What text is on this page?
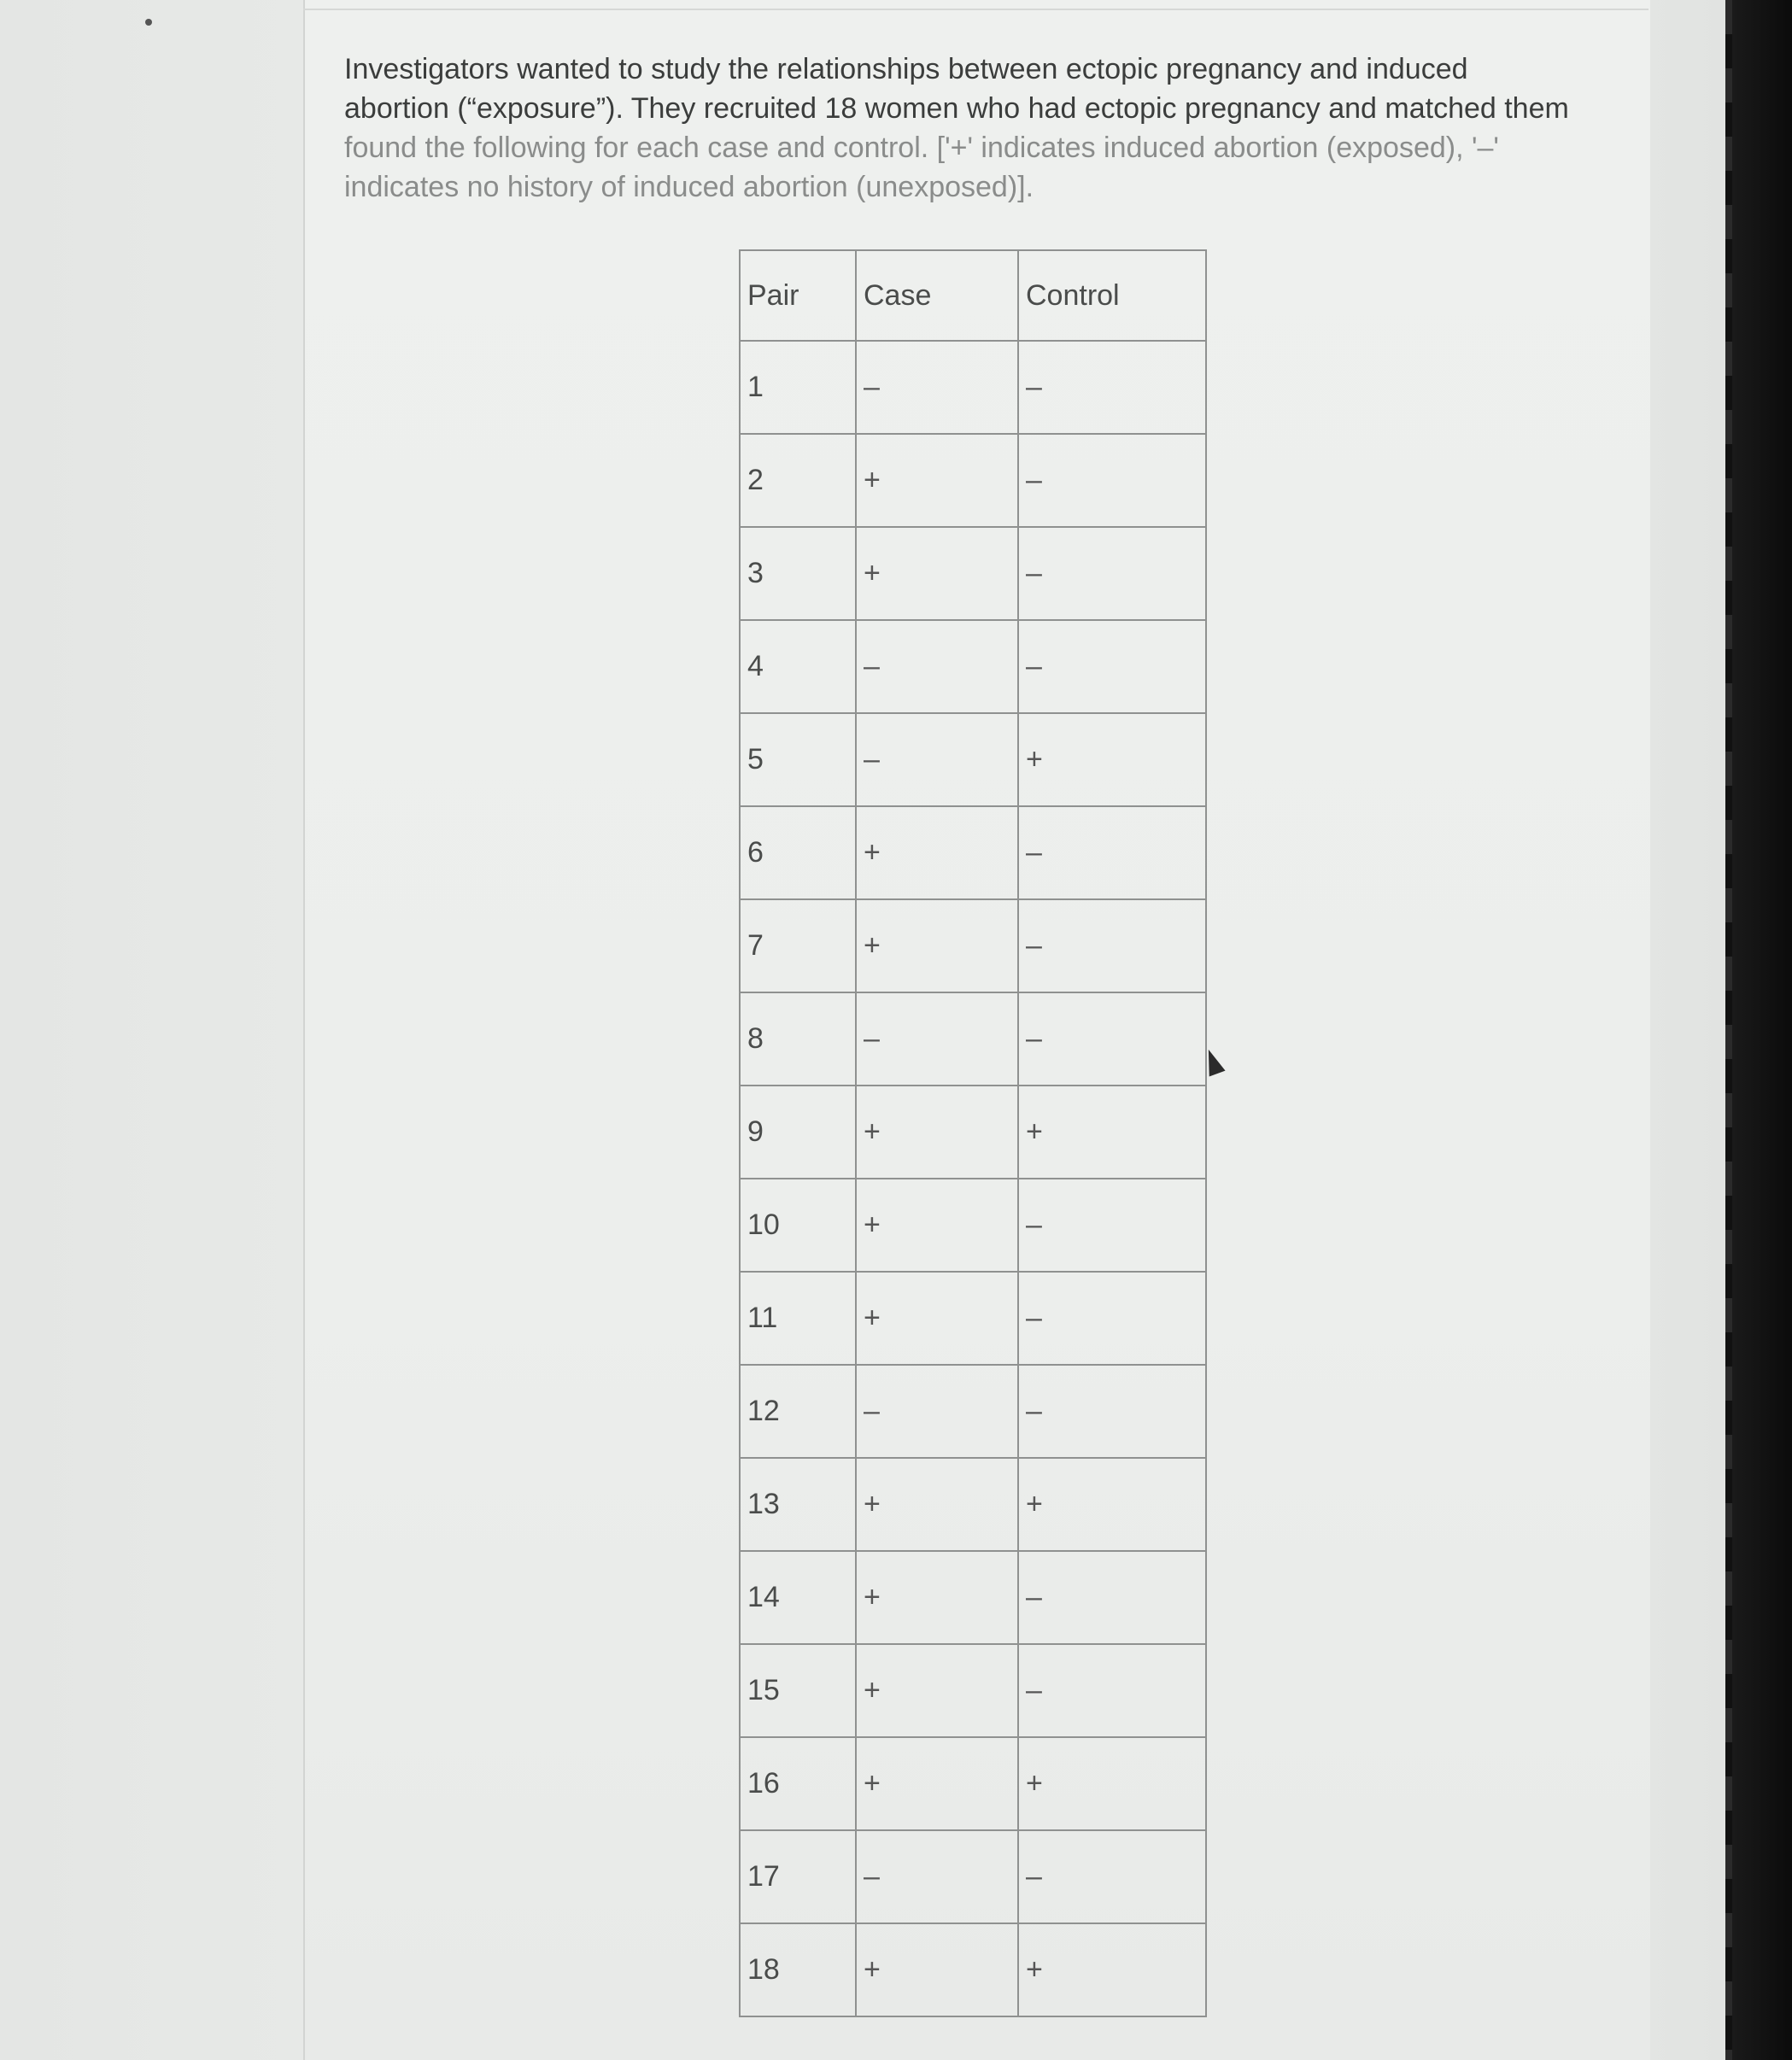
Investigators wanted to study the relationships between ectopic pregnancy and induced
abortion (“exposure”). They recruited 18 women who had ectopic pregnancy and matched them
found the following for each case and control. ['+' indicates induced abortion (exposed), '–'
indicates no history of induced abortion (unexposed)].

Pair	Case	Control
1	–	–
2	+	–
3	+	–
4	–	–
5	–	+
6	+	–
7	+	–
8	–	–
9	+	+
10	+	–
11	+	–
12	–	–
13	+	+
14	+	–
15	+	–
16	+	+
17	–	–
18	+	+
